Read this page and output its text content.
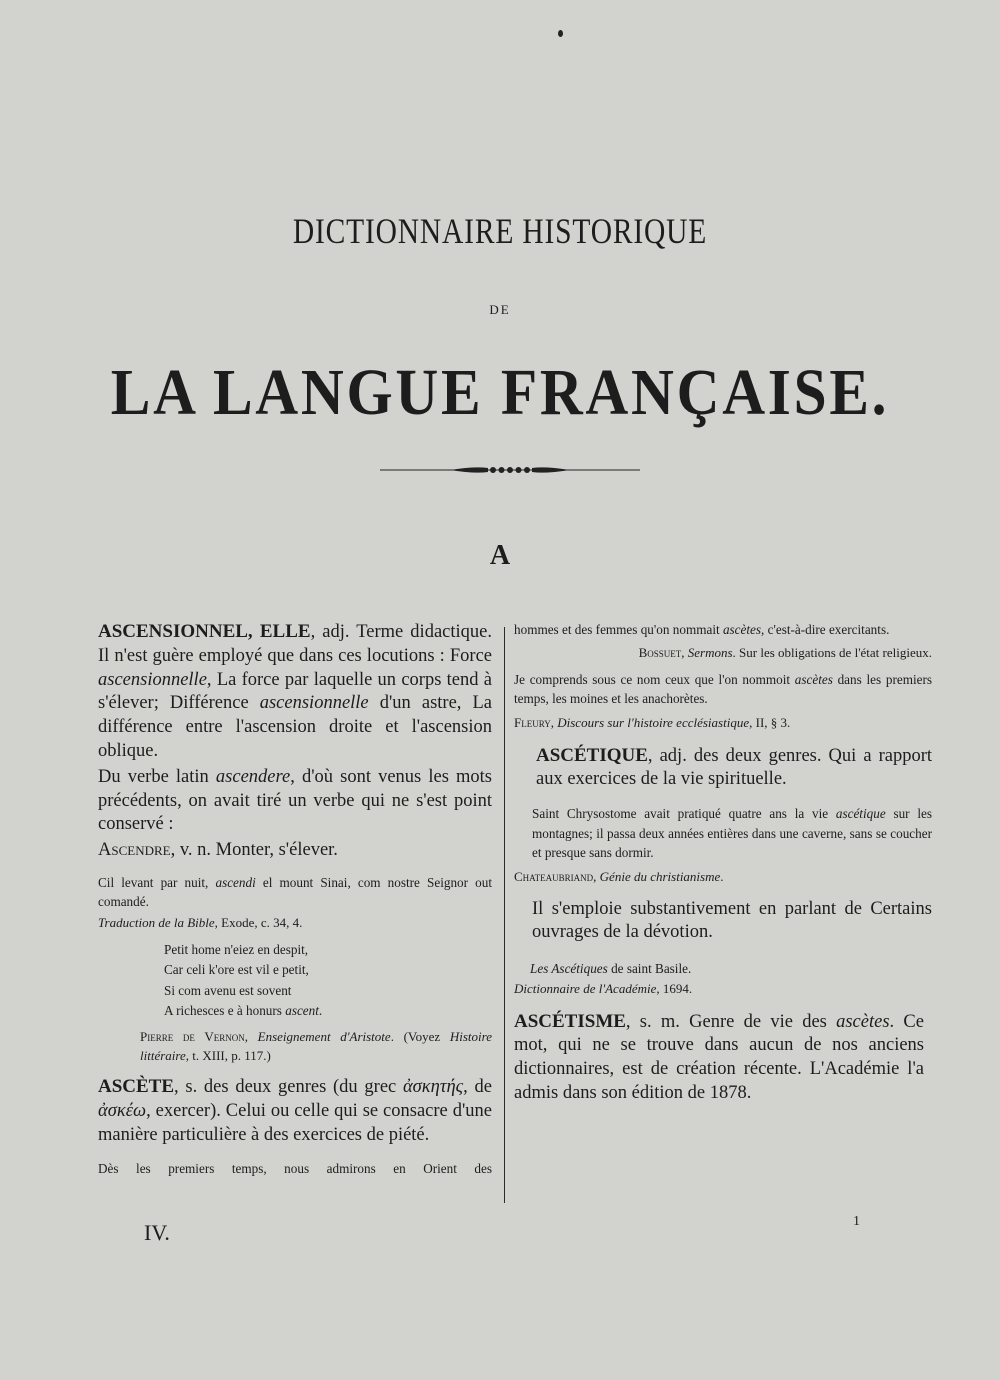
DICTIONNAIRE HISTORIQUE
DE
LA LANGUE FRANÇAISE.
A

ASCENSIONNEL, ELLE, adj. Terme didactique. Il n'est guère employé que dans ces locutions : Force ascensionnelle, La force par laquelle un corps tend à s'élever; Différence ascensionnelle d'un astre, La différence entre l'ascension droite et l'ascension oblique.

Du verbe latin ascendere, d'où sont venus les mots précédents, on avait tiré un verbe qui ne s'est point conservé :

Ascendre, v. n. Monter, s'élever.

Cil levant par nuit, ascendi el mount Sinai, com nostre Seignor out comandé.

Traduction de la Bible, Exode, c. 34, 4.

Petit home n'eiez en despit,
Car celi k'ore est vil e petit,
Si com avenu est sovent
A richesces e à honurs ascent.

Pierre de Vernon, Enseignement d'Aristote. (Voyez Histoire littéraire, t. XIII, p. 117.)

ASCÈTE, s. des deux genres (du grec ἀσκητής, de ἀσκέω, exercer). Celui ou celle qui se consacre d'une manière particulière à des exercices de piété.

Dès les premiers temps, nous admirons en Orient des

hommes et des femmes qu'on nommait ascètes, c'est-à-dire exercitants.

Bossuet, Sermons. Sur les obligations de l'état religieux.

Je comprends sous ce nom ceux que l'on nommoit ascètes dans les premiers temps, les moines et les anachorètes.

Fleury, Discours sur l'histoire ecclésiastique, II, § 3.

ASCÉTIQUE, adj. des deux genres. Qui a rapport aux exercices de la vie spirituelle.

Saint Chrysostome avait pratiqué quatre ans la vie ascétique sur les montagnes; il passa deux années entières dans une caverne, sans se coucher et presque sans dormir.

Chateaubriand, Génie du christianisme.

Il s'emploie substantivement en parlant de Certains ouvrages de la dévotion.

Les Ascétiques de saint Basile.

Dictionnaire de l'Académie, 1694.

ASCÉTISME, s. m. Genre de vie des ascètes. Ce mot, qui ne se trouve dans aucun de nos anciens dictionnaires, est de création récente. L'Académie l'a admis dans son édition de 1878.

IV.	1
